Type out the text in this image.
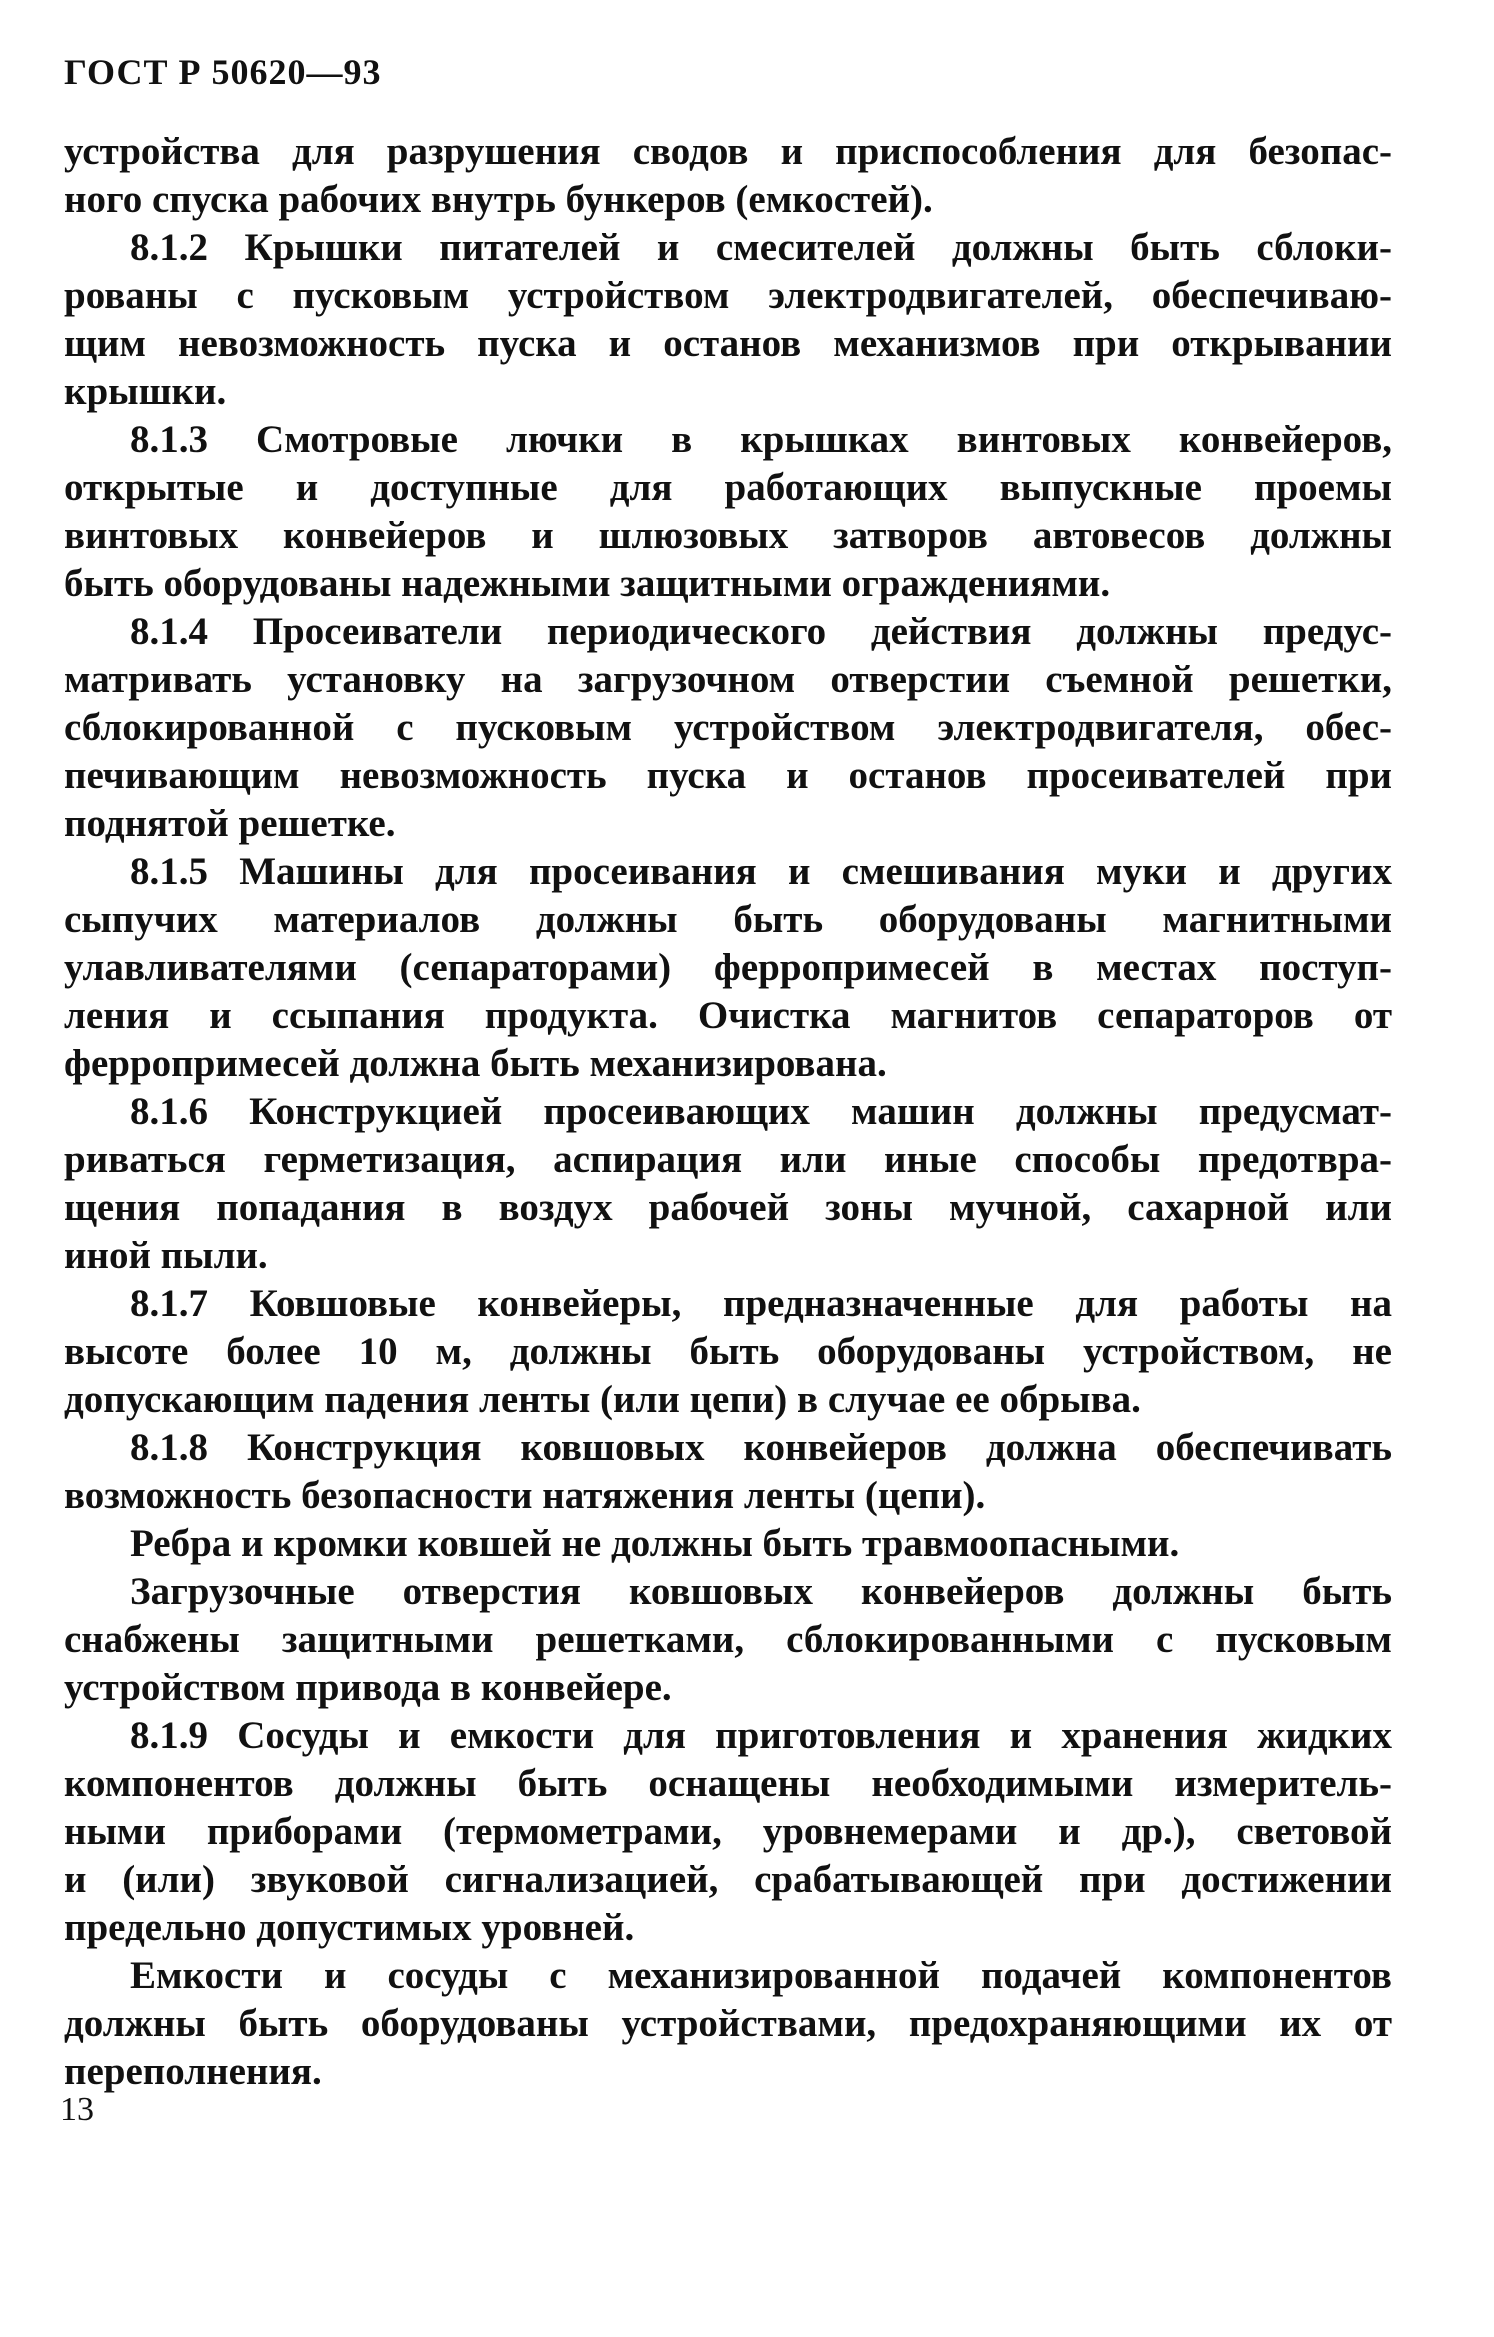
ГОСТ Р 50620—93
устройства для разрушения сводов и приспособления для безопас-
ного спуска рабочих внутрь бункеров (емкостей).
8.1.2 Крышки питателей и смесителей должны быть сблоки-
рованы с пусковым устройством электродвигателей, обеспечиваю-
щим невозможность пуска и останов механизмов при открывании
крышки.
8.1.3 Смотровые лючки в крышках винтовых конвейеров,
открытые и доступные для работающих выпускные проемы
винтовых конвейеров и шлюзовых затворов автовесов должны
быть оборудованы надежными защитными ограждениями.
8.1.4 Просеиватели периодического действия должны предус-
матривать установку на загрузочном отверстии съемной решетки,
сблокированной с пусковым устройством электродвигателя, обес-
печивающим невозможность пуска и останов просеивателей при
поднятой решетке.
8.1.5 Машины для просеивания и смешивания муки и других
сыпучих материалов должны быть оборудованы магнитными
улавливателями (сепараторами) ферропримесей в местах поступ-
ления и ссыпания продукта. Очистка магнитов сепараторов от
ферропримесей должна быть механизирована.
8.1.6 Конструкцией просеивающих машин должны предусмат-
риваться герметизация, аспирация или иные способы предотвра-
щения попадания в воздух рабочей зоны мучной, сахарной или
иной пыли.
8.1.7 Ковшовые конвейеры, предназначенные для работы на
высоте более 10 м, должны быть оборудованы устройством, не
допускающим падения ленты (или цепи) в случае ее обрыва.
8.1.8 Конструкция ковшовых конвейеров должна обеспечивать
возможность безопасности натяжения ленты (цепи).
Ребра и кромки ковшей не должны быть травмоопасными.
Загрузочные отверстия ковшовых конвейеров должны быть
снабжены защитными решетками, сблокированными с пусковым
устройством привода в конвейере.
8.1.9 Сосуды и емкости для приготовления и хранения жидких
компонентов должны быть оснащены необходимыми измеритель-
ными приборами (термометрами, уровнемерами и др.), световой
и (или) звуковой сигнализацией, срабатывающей при достижении
предельно допустимых уровней.
Емкости и сосуды с механизированной подачей компонентов
должны быть оборудованы устройствами, предохраняющими их от
переполнения.
13
